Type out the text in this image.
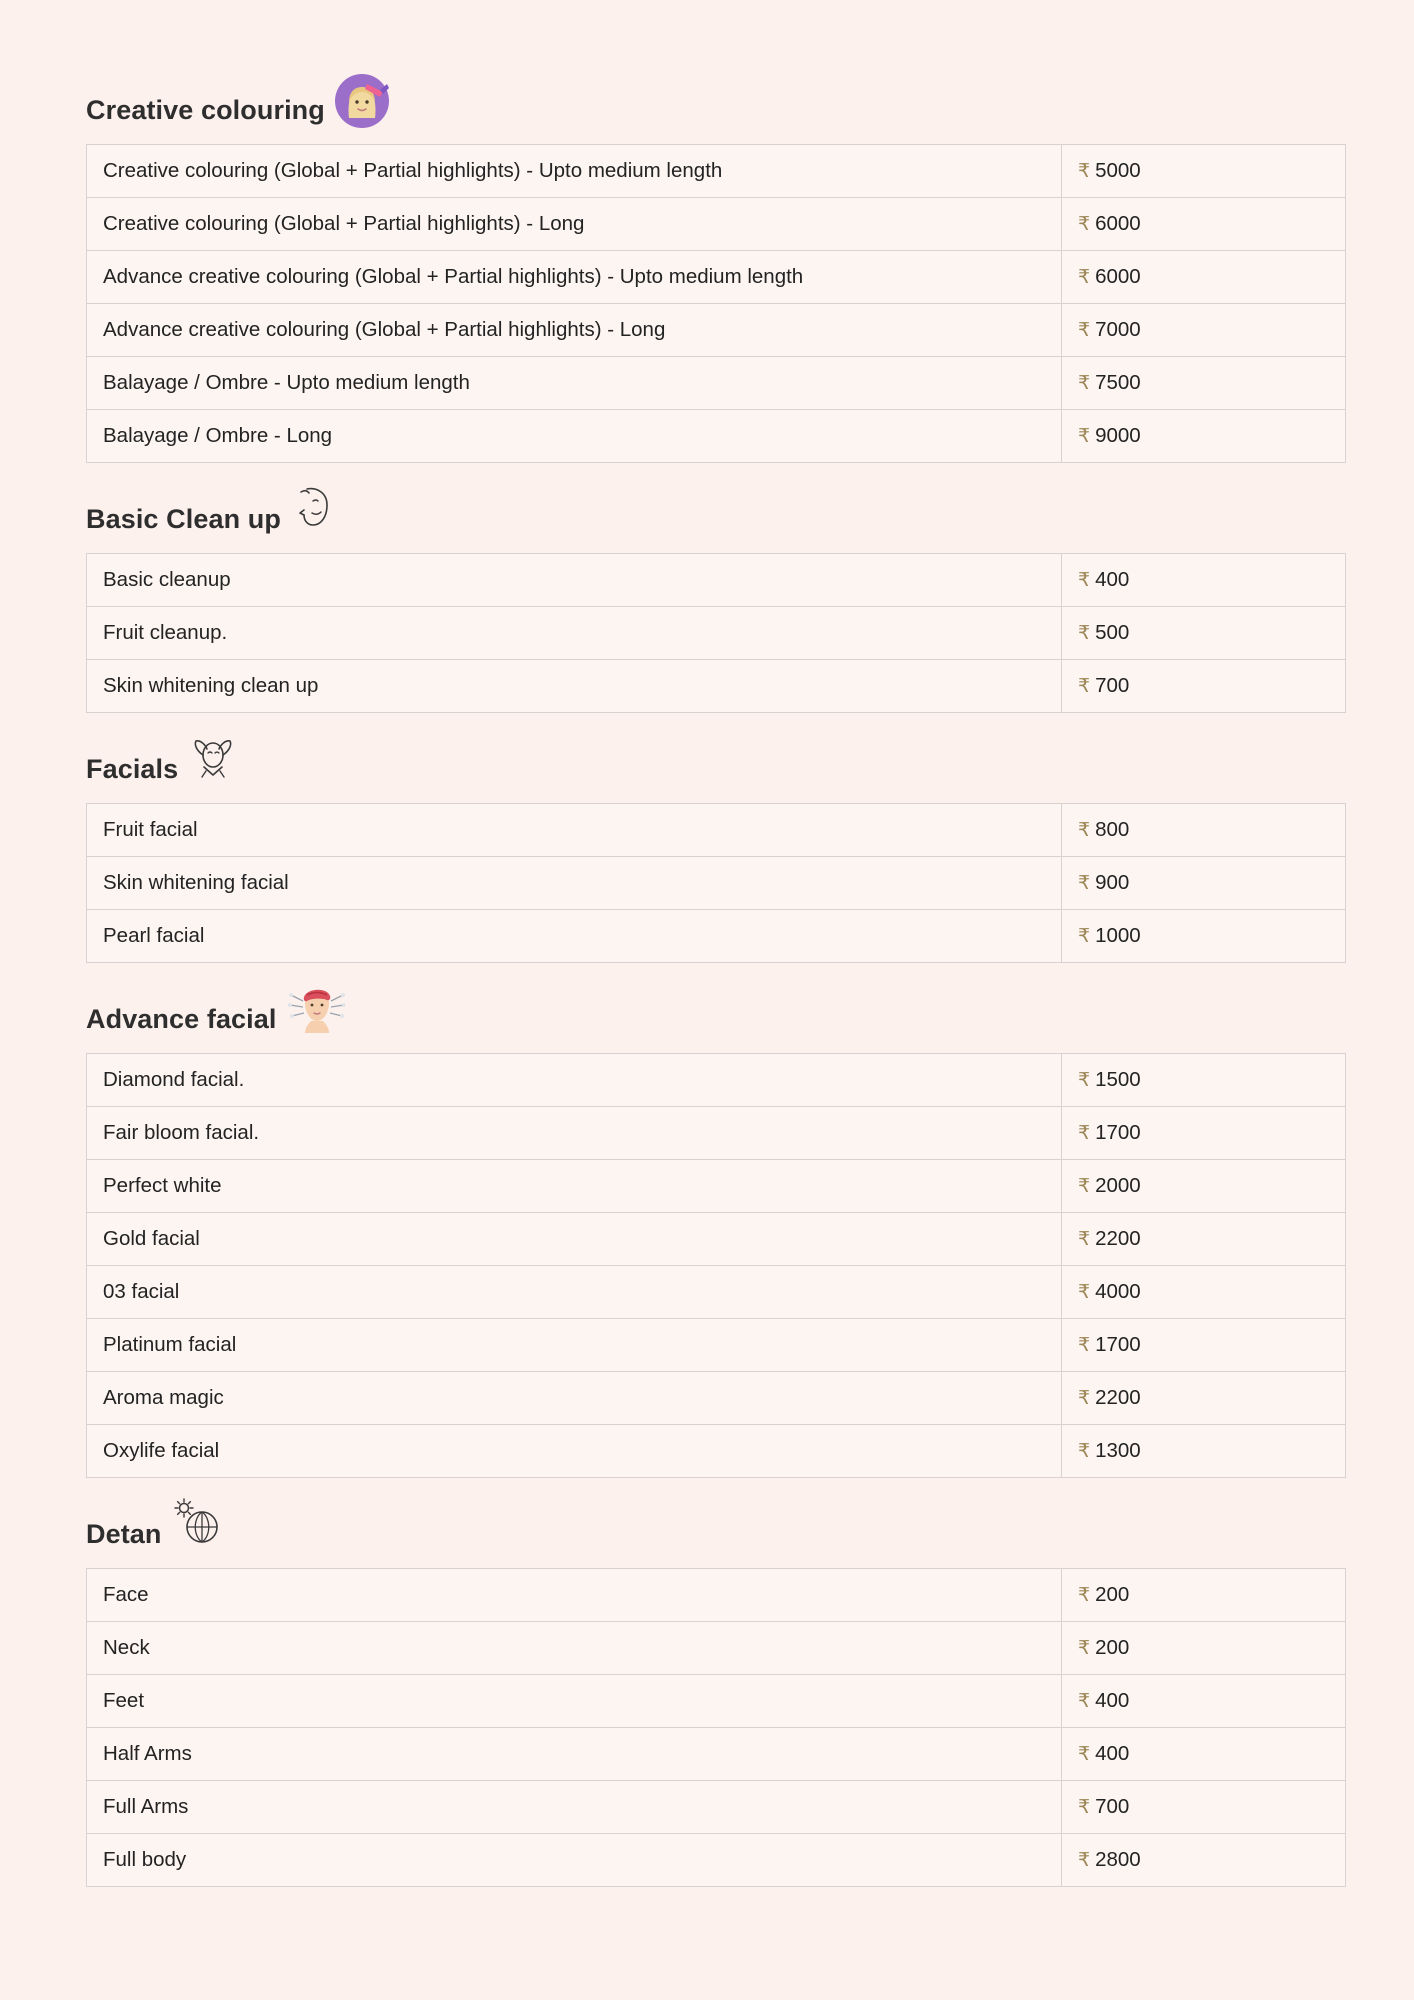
Creative colouring
Creative colouring (Global + Partial highlights) - Upto medium length	₹ 5000
Creative colouring (Global + Partial highlights) - Long	₹ 6000
Advance creative colouring (Global + Partial highlights) - Upto medium length	₹ 6000
Advance creative colouring (Global + Partial highlights) - Long	₹ 7000
Balayage / Ombre - Upto medium length	₹ 7500
Balayage / Ombre - Long	₹ 9000
Basic Clean up
Basic cleanup	₹ 400
Fruit cleanup.	₹ 500
Skin whitening clean up	₹ 700
Facials
Fruit facial	₹ 800
Skin whitening facial	₹ 900
Pearl facial	₹ 1000
Advance facial
Diamond facial.	₹ 1500
Fair bloom facial.	₹ 1700
Perfect white	₹ 2000
Gold facial	₹ 2200
03 facial	₹ 4000
Platinum facial	₹ 1700
Aroma magic	₹ 2200
Oxylife facial	₹ 1300
Detan
Face	₹ 200
Neck	₹ 200
Feet	₹ 400
Half Arms	₹ 400
Full Arms	₹ 700
Full body	₹ 2800
